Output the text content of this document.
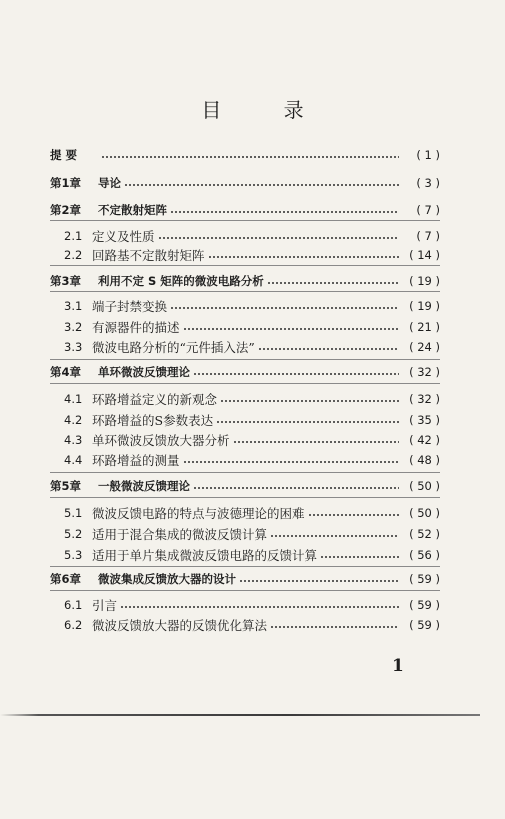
目 录
提 要	( 1 )
第1章	导论	( 3 )
第2章	不定散射矩阵	( 7 )
2.1 定义及性质	( 7 )
2.2 回路基不定散射矩阵	( 14 )
第3章	利用不定 S 矩阵的微波电路分析	( 19 )
3.1 端子封禁变换	( 19 )
3.2 有源器件的描述	( 21 )
3.3 微波电路分析的“元件插入法”	( 24 )
第4章	单环微波反馈理论	( 32 )
4.1 环路增益定义的新观念	( 32 )
4.2 环路增益的S参数表达	( 35 )
4.3 单环微波反馈放大器分析	( 42 )
4.4 环路增益的测量	( 48 )
第5章	一般微波反馈理论	( 50 )
5.1 微波反馈电路的特点与波德理论的困难	( 50 )
5.2 适用于混合集成的微波反馈计算	( 52 )
5.3 适用于单片集成微波反馈电路的反馈计算	( 56 )
第6章	微波集成反馈放大器的设计	( 59 )
6.1 引言	( 59 )
6.2 微波反馈放大器的反馈优化算法	( 59 )
1
